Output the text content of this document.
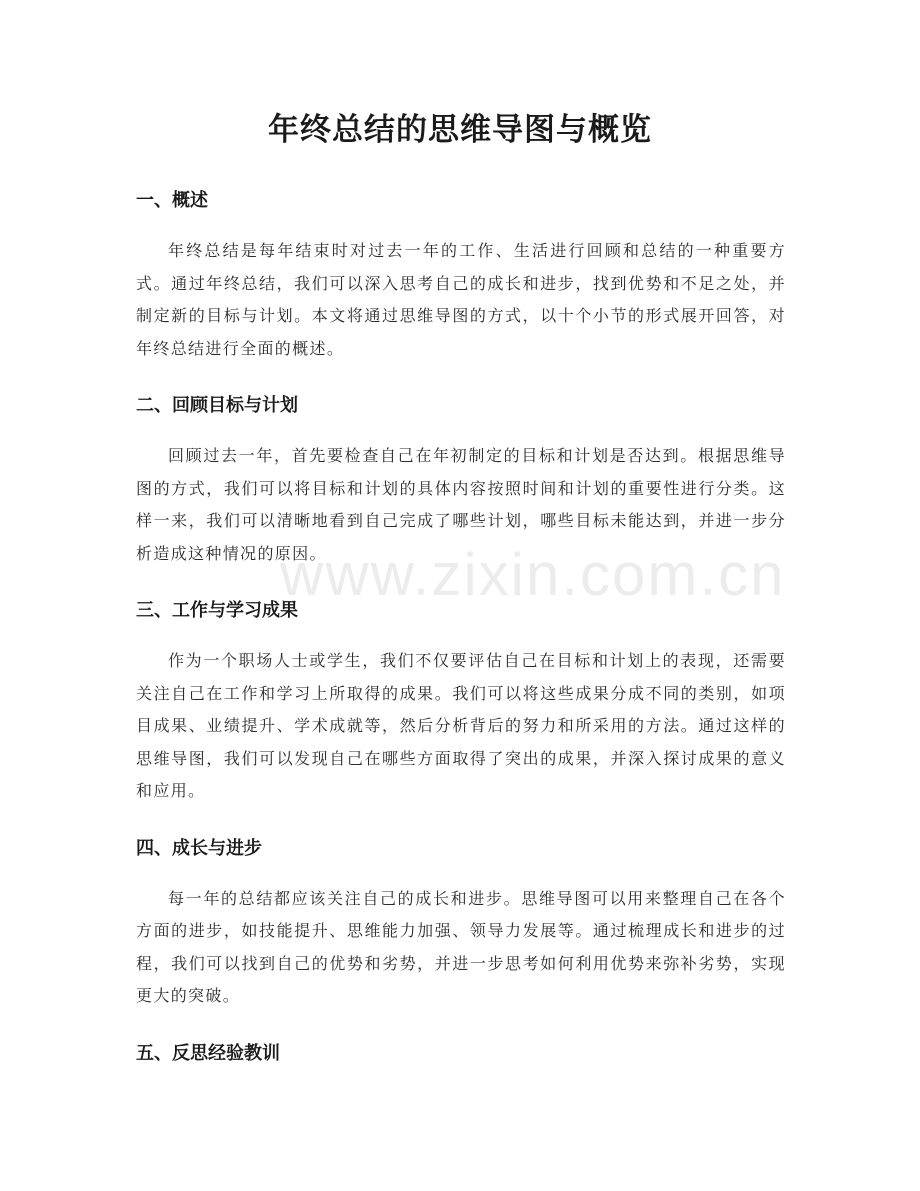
年终总结的思维导图与概览
www.zixin.com.cn
一、概述

年终总结是每年结束时对过去一年的工作、生活进行回顾和总结的一种重要方式。通过年终总结，我们可以深入思考自己的成长和进步，找到优势和不足之处，并制定新的目标与计划。本文将通过思维导图的方式，以十个小节的形式展开回答，对年终总结进行全面的概述。

二、回顾目标与计划

回顾过去一年，首先要检查自己在年初制定的目标和计划是否达到。根据思维导图的方式，我们可以将目标和计划的具体内容按照时间和计划的重要性进行分类。这样一来，我们可以清晰地看到自己完成了哪些计划，哪些目标未能达到，并进一步分析造成这种情况的原因。

三、工作与学习成果

作为一个职场人士或学生，我们不仅要评估自己在目标和计划上的表现，还需要关注自己在工作和学习上所取得的成果。我们可以将这些成果分成不同的类别，如项目成果、业绩提升、学术成就等，然后分析背后的努力和所采用的方法。通过这样的思维导图，我们可以发现自己在哪些方面取得了突出的成果，并深入探讨成果的意义和应用。

四、成长与进步

每一年的总结都应该关注自己的成长和进步。思维导图可以用来整理自己在各个方面的进步，如技能提升、思维能力加强、领导力发展等。通过梳理成长和进步的过程，我们可以找到自己的优势和劣势，并进一步思考如何利用优势来弥补劣势，实现更大的突破。

五、反思经验教训
